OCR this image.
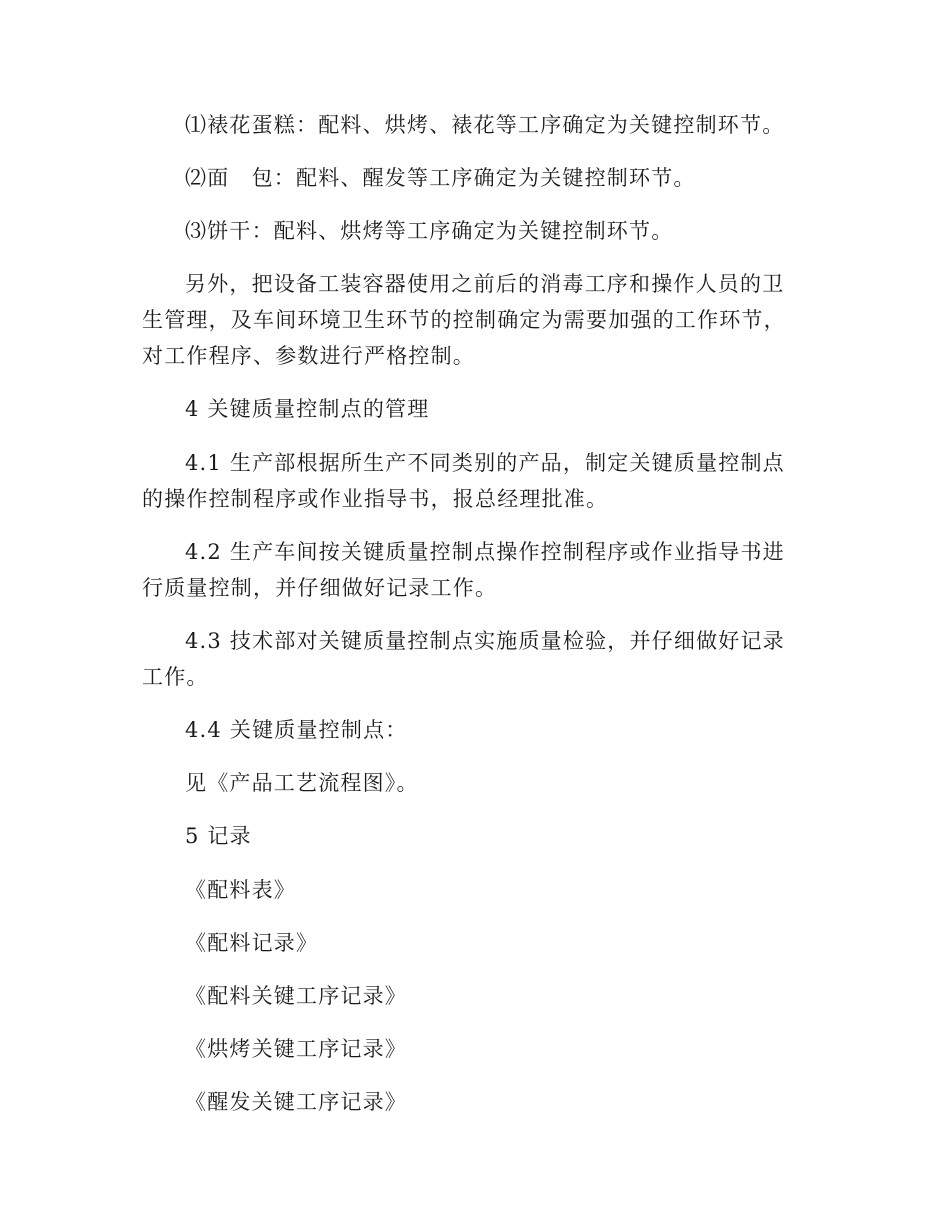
⑴裱花蛋糕：配料、烘烤、裱花等工序确定为关键控制环节。

⑵面　包：配料、醒发等工序确定为关键控制环节。

⑶饼干：配料、烘烤等工序确定为关键控制环节。

另外，把设备工装容器使用之前后的消毒工序和操作人员的卫生管理，及车间环境卫生环节的控制确定为需要加强的工作环节，对工作程序、参数进行严格控制。

4 关键质量控制点的管理

4.1 生产部根据所生产不同类别的产品，制定关键质量控制点的操作控制程序或作业指导书，报总经理批准。

4.2 生产车间按关键质量控制点操作控制程序或作业指导书进行质量控制，并仔细做好记录工作。

4.3 技术部对关键质量控制点实施质量检验，并仔细做好记录工作。

4.4 关键质量控制点：

见《产品工艺流程图》。

5 记录

《配料表》

《配料记录》

《配料关键工序记录》

《烘烤关键工序记录》

《醒发关键工序记录》
